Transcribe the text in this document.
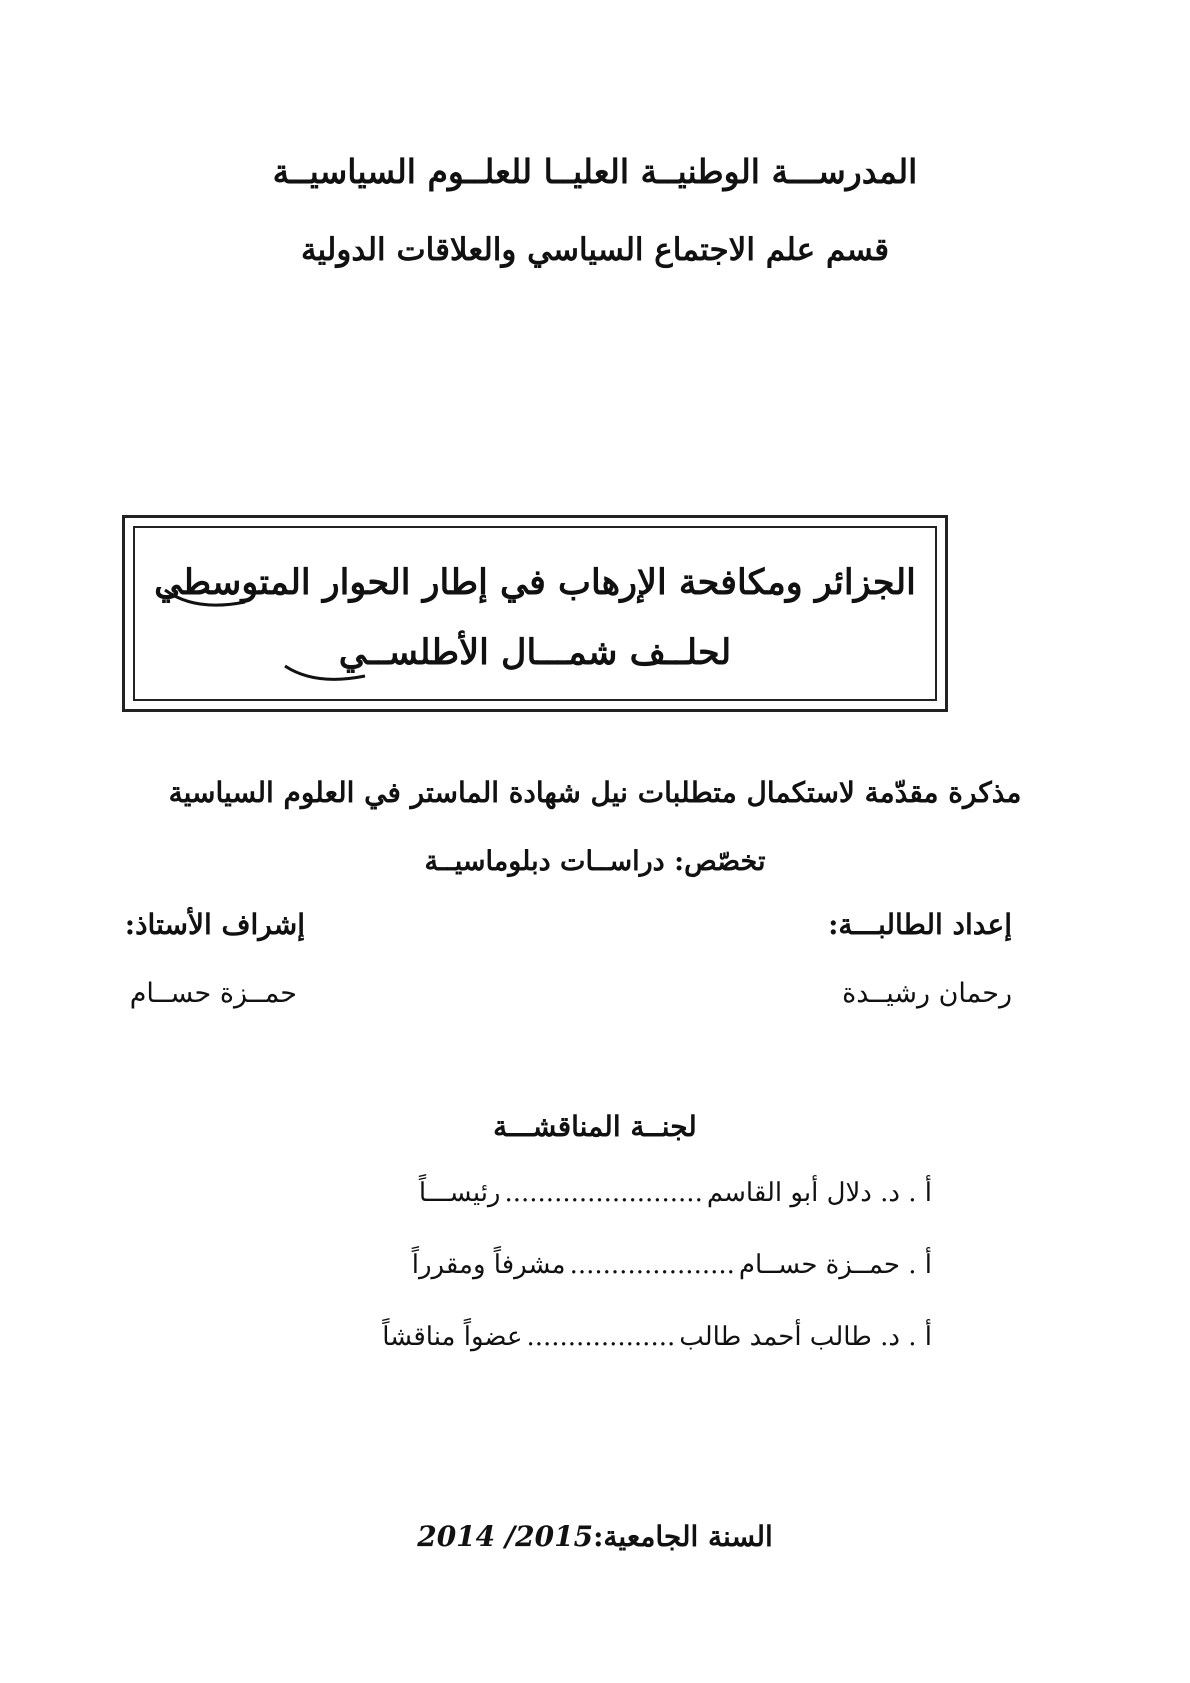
المدرســـة الوطنيــة العليــا للعلــوم السياسيــة
قسم علم الاجتماع السياسي والعلاقات الدولية
الجزائر ومكافحة الإرهاب في إطار الحوار المتوسطي
لحلــف شمـــال الأطلســي
مذكرة مقدّمة لاستكمال متطلبات نيل شهادة الماستر في العلوم السياسية
تخصّص: دراســات دبلوماسيــة
إعداد الطالبـــة:
رحمان رشيــدة
إشراف الأستاذ:
حمــزة حســام
لجنــة المناقشـــة
أ . د. دلال أبو القاسم........................رئيســـاً
أ . حمــزة حســام....................مشرفاً ومقرراً
أ . د. طالب أحمد طالب..................عضواً مناقشاً
السنة الجامعية:2014 /2015
